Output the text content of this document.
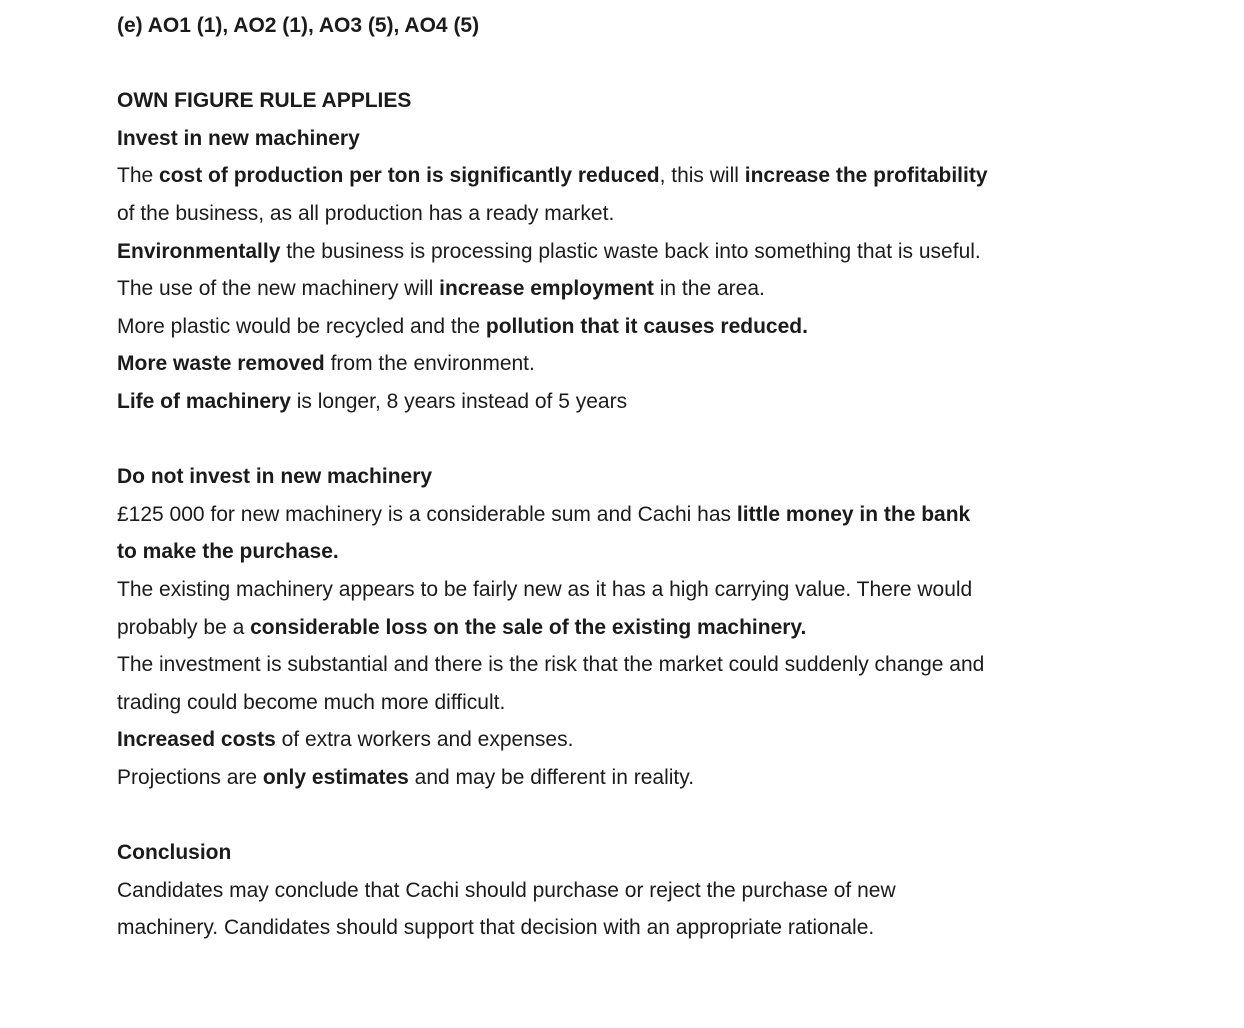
(e) AO1 (1), AO2 (1), AO3 (5), AO4 (5)

OWN FIGURE RULE APPLIES

Invest in new machinery

The cost of production per ton is significantly reduced, this will increase the profitability
of the business, as all production has a ready market.

Environmentally the business is processing plastic waste back into something that is useful.

The use of the new machinery will increase employment in the area.

More plastic would be recycled and the pollution that it causes reduced.

More waste removed from the environment.

Life of machinery is longer, 8 years instead of 5 years

Do not invest in new machinery

£125 000 for new machinery is a considerable sum and Cachi has little money in the bank
to make the purchase.

The existing machinery appears to be fairly new as it has a high carrying value. There would
probably be a considerable loss on the sale of the existing machinery.

The investment is substantial and there is the risk that the market could suddenly change and
trading could become much more difficult.

Increased costs of extra workers and expenses.

Projections are only estimates and may be different in reality.

Conclusion

Candidates may conclude that Cachi should purchase or reject the purchase of new
machinery. Candidates should support that decision with an appropriate rationale.
